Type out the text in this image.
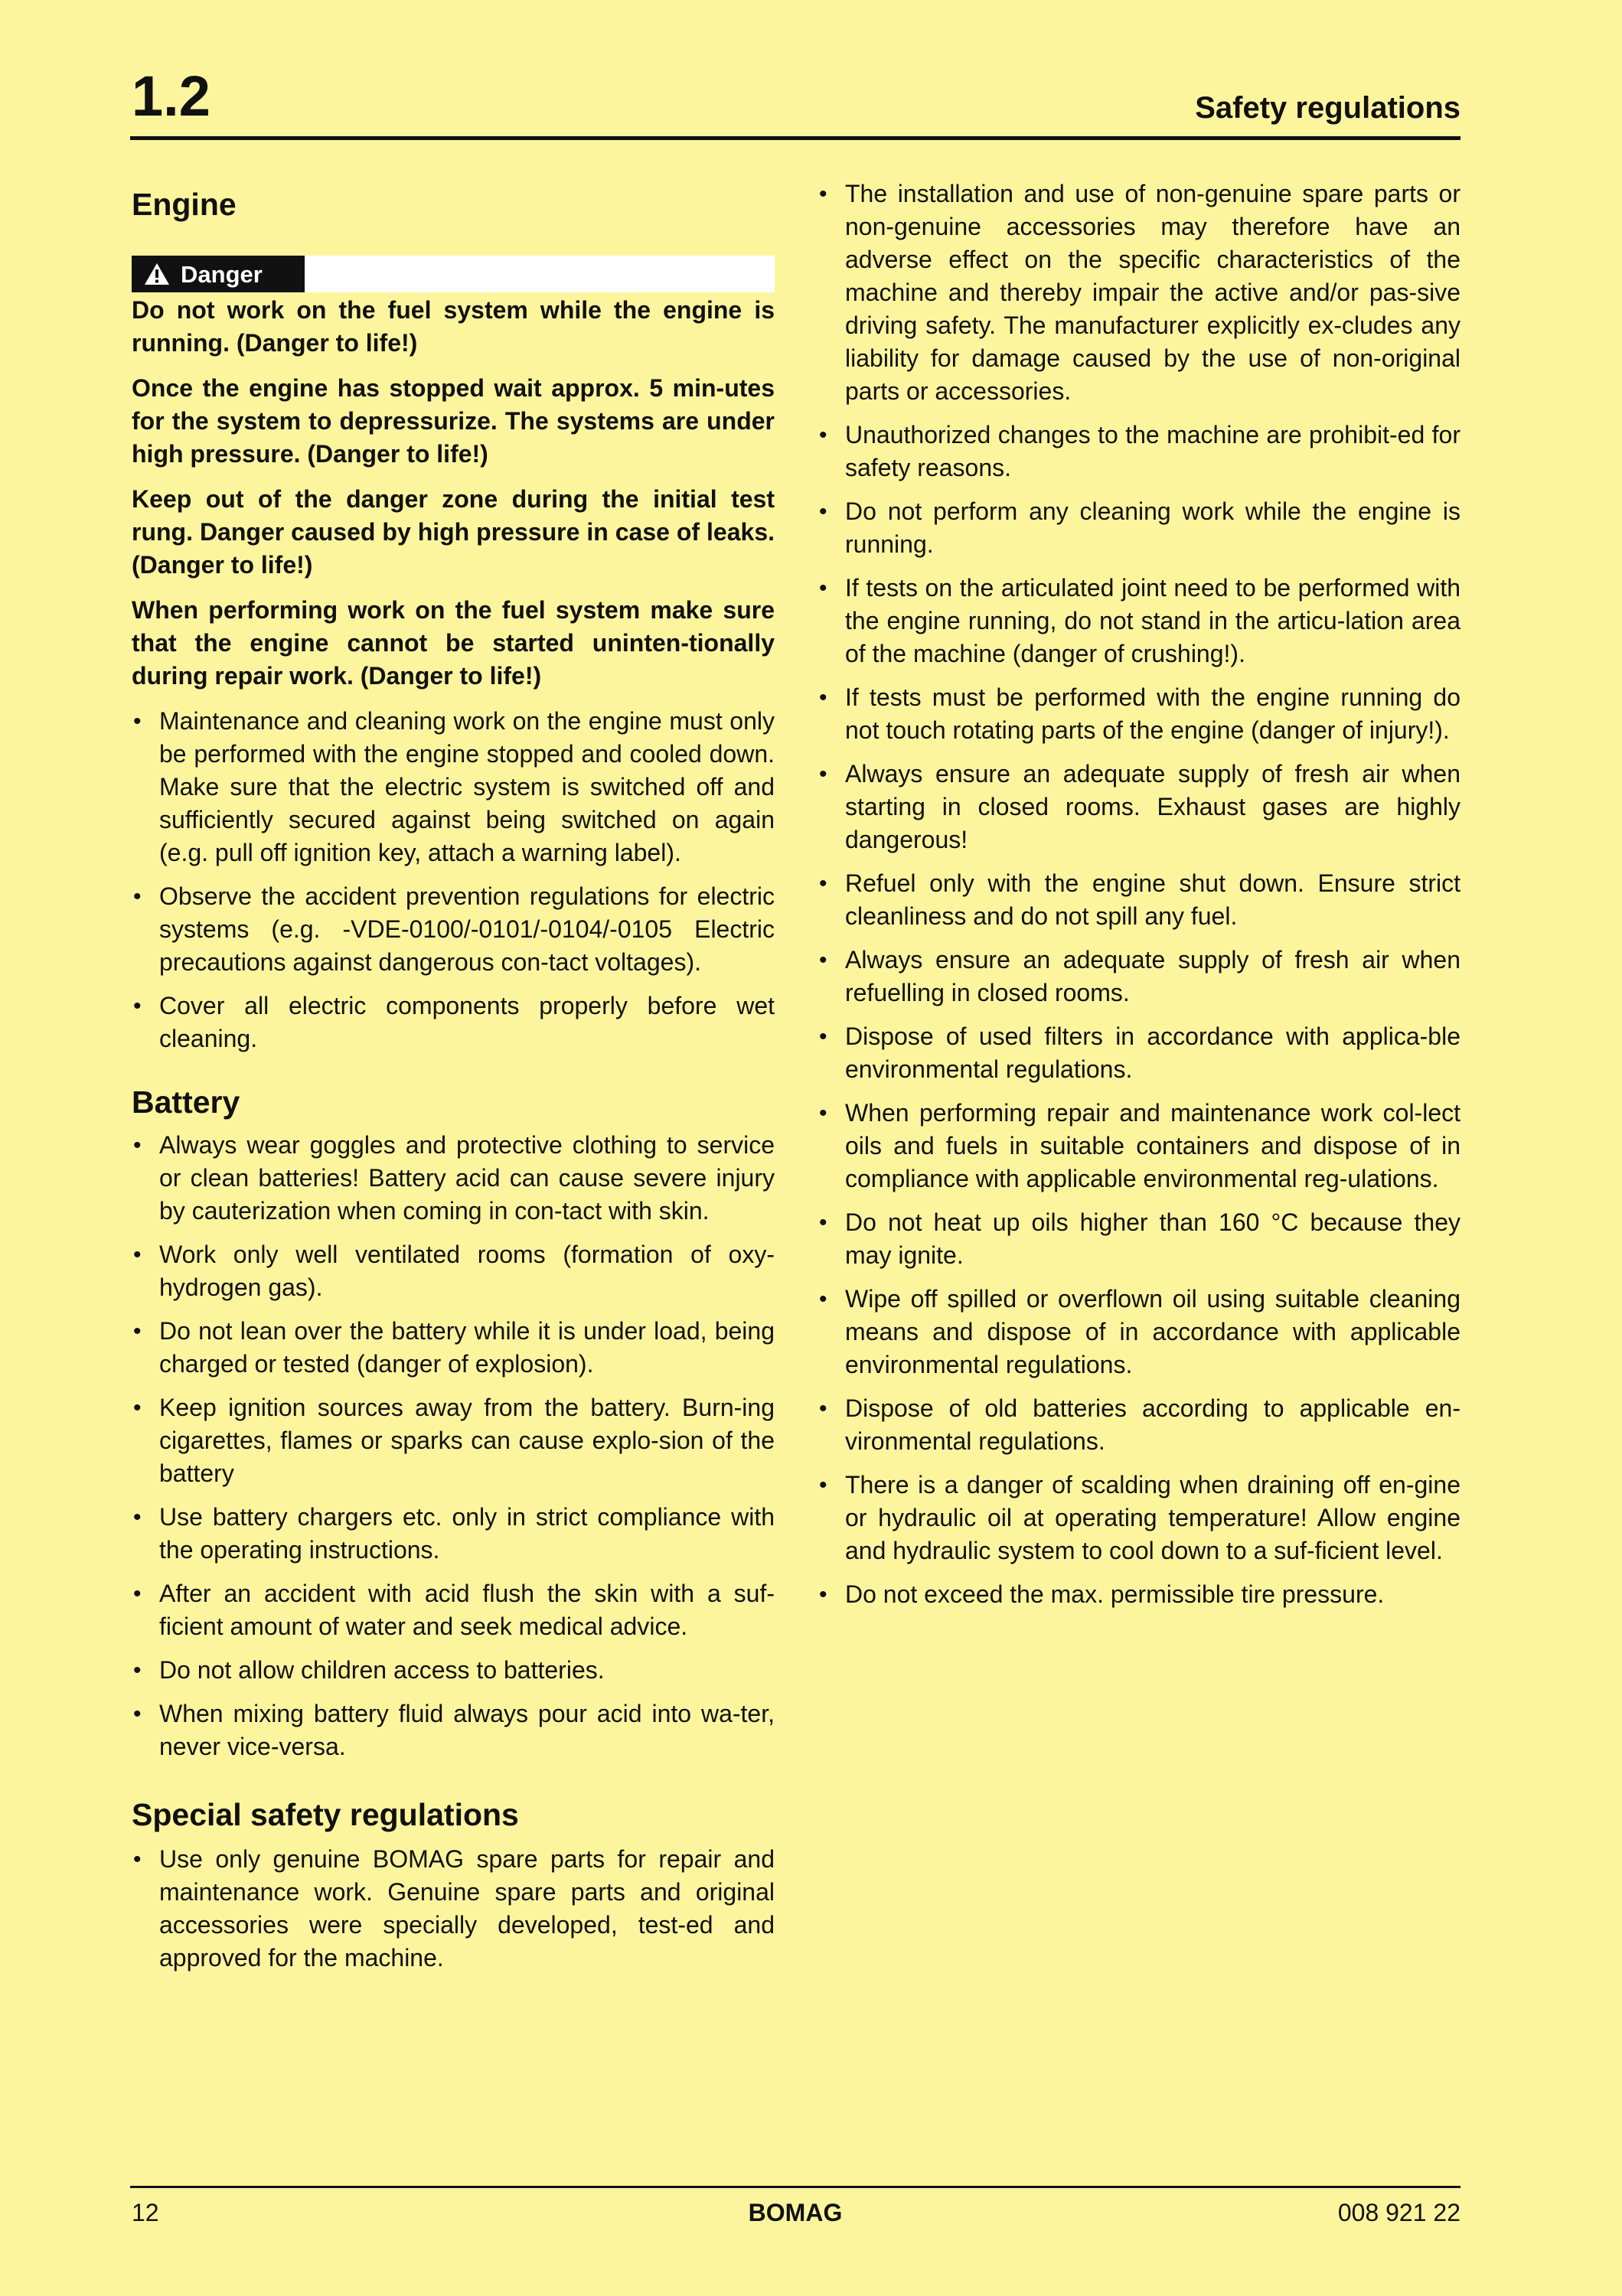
1.2	Safety regulations
Engine
Danger

Do not work on the fuel system while the engine is running. (Danger to life!)

Once the engine has stopped wait approx. 5 min-utes for the system to depressurize. The systems are under high pressure. (Danger to life!)

Keep out of the danger zone during the initial test rung. Danger caused by high pressure in case of leaks. (Danger to life!)

When performing work on the fuel system make sure that the engine cannot be started uninten-tionally during repair work. (Danger to life!)

• Maintenance and cleaning work on the engine must only be performed with the engine stopped and cooled down. Make sure that the electric system is switched off and sufficiently secured against being switched on again (e.g. pull off ignition key, attach a warning label).
• Observe the accident prevention regulations for electric systems (e.g. -VDE-0100/-0101/-0104/-0105 Electric precautions against dangerous con-tact voltages).
• Cover all electric components properly before wet cleaning.
Battery
• Always wear goggles and protective clothing to service or clean batteries! Battery acid can cause severe injury by cauterization when coming in con-tact with skin.
• Work only well ventilated rooms (formation of oxy-hydrogen gas).
• Do not lean over the battery while it is under load, being charged or tested (danger of explosion).
• Keep ignition sources away from the battery. Burn-ing cigarettes, flames or sparks can cause explo-sion of the battery
• Use battery chargers etc. only in strict compliance with the operating instructions.
• After an accident with acid flush the skin with a suf-ficient amount of water and seek medical advice.
• Do not allow children access to batteries.
• When mixing battery fluid always pour acid into wa-ter, never vice-versa.
Special safety regulations
• Use only genuine BOMAG spare parts for repair and maintenance work. Genuine spare parts and original accessories were specially developed, test-ed and approved for the machine.
• The installation and use of non-genuine spare parts or non-genuine accessories may therefore have an adverse effect on the specific characteristics of the machine and thereby impair the active and/or pas-sive driving safety. The manufacturer explicitly ex-cludes any liability for damage caused by the use of non-original parts or accessories.
• Unauthorized changes to the machine are prohibit-ed for safety reasons.
• Do not perform any cleaning work while the engine is running.
• If tests on the articulated joint need to be performed with the engine running, do not stand in the articu-lation area of the machine (danger of crushing!).
• If tests must be performed with the engine running do not touch rotating parts of the engine (danger of injury!).
• Always ensure an adequate supply of fresh air when starting in closed rooms. Exhaust gases are highly dangerous!
• Refuel only with the engine shut down. Ensure strict cleanliness and do not spill any fuel.
• Always ensure an adequate supply of fresh air when refuelling in closed rooms.
• Dispose of used filters in accordance with applica-ble environmental regulations.
• When performing repair and maintenance work col-lect oils and fuels in suitable containers and dispose of in compliance with applicable environmental reg-ulations.
• Do not heat up oils higher than 160 °C because they may ignite.
• Wipe off spilled or overflown oil using suitable cleaning means and dispose of in accordance with applicable environmental regulations.
• Dispose of old batteries according to applicable en-vironmental regulations.
• There is a danger of scalding when draining off en-gine or hydraulic oil at operating temperature! Allow engine and hydraulic system to cool down to a suf-ficient level.
• Do not exceed the max. permissible tire pressure.
12	BOMAG	008 921 22
